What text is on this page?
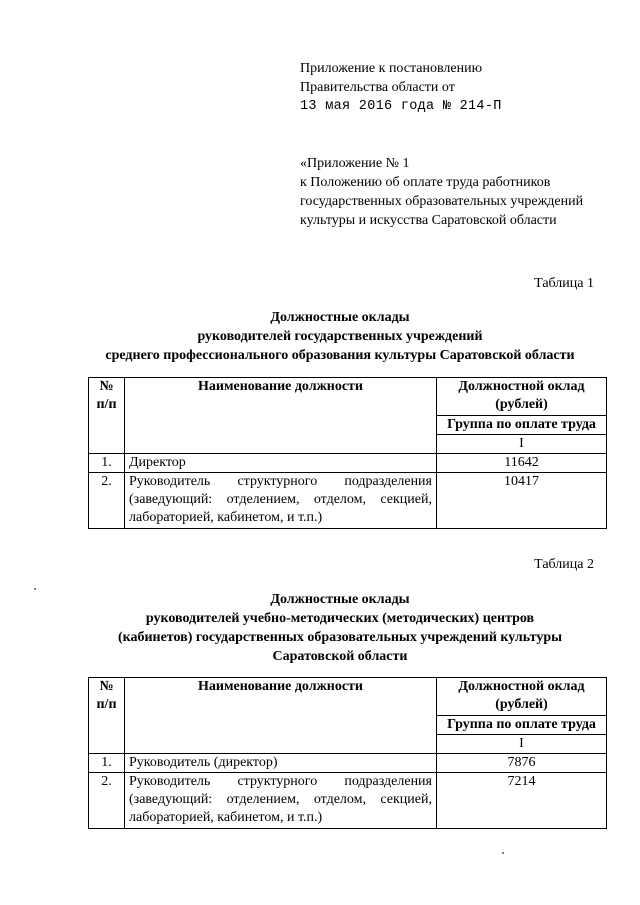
Приложение к постановлению
Правительства области от
13 мая 2016 года № 214-П
«Приложение № 1
к Положению об оплате труда работников
государственных образовательных учреждений
культуры и искусства Саратовской области
Таблица 1
Должностные оклады
руководителей государственных учреждений
среднего профессионального образования культуры Саратовской области
№ п/п	Наименование должности	Должностной оклад (рублей)
		Группа по оплате труда
		I
1.	Директор	11642
2.	Руководитель структурного подразделения
(заведующий: отделением, отделом, секцией,
лабораторией, кабинетом, и т.п.)	10417
Таблица 2
Должностные оклады
руководителей учебно-методических (методических) центров
(кабинетов) государственных образовательных учреждений культуры
Саратовской области
№ п/п	Наименование должности	Должностной оклад (рублей)
		Группа по оплате труда
		I
1.	Руководитель (директор)	7876
2.	Руководитель структурного подразделения
(заведующий: отделением, отделом, секцией,
лабораторией, кабинетом, и т.п.)	7214
